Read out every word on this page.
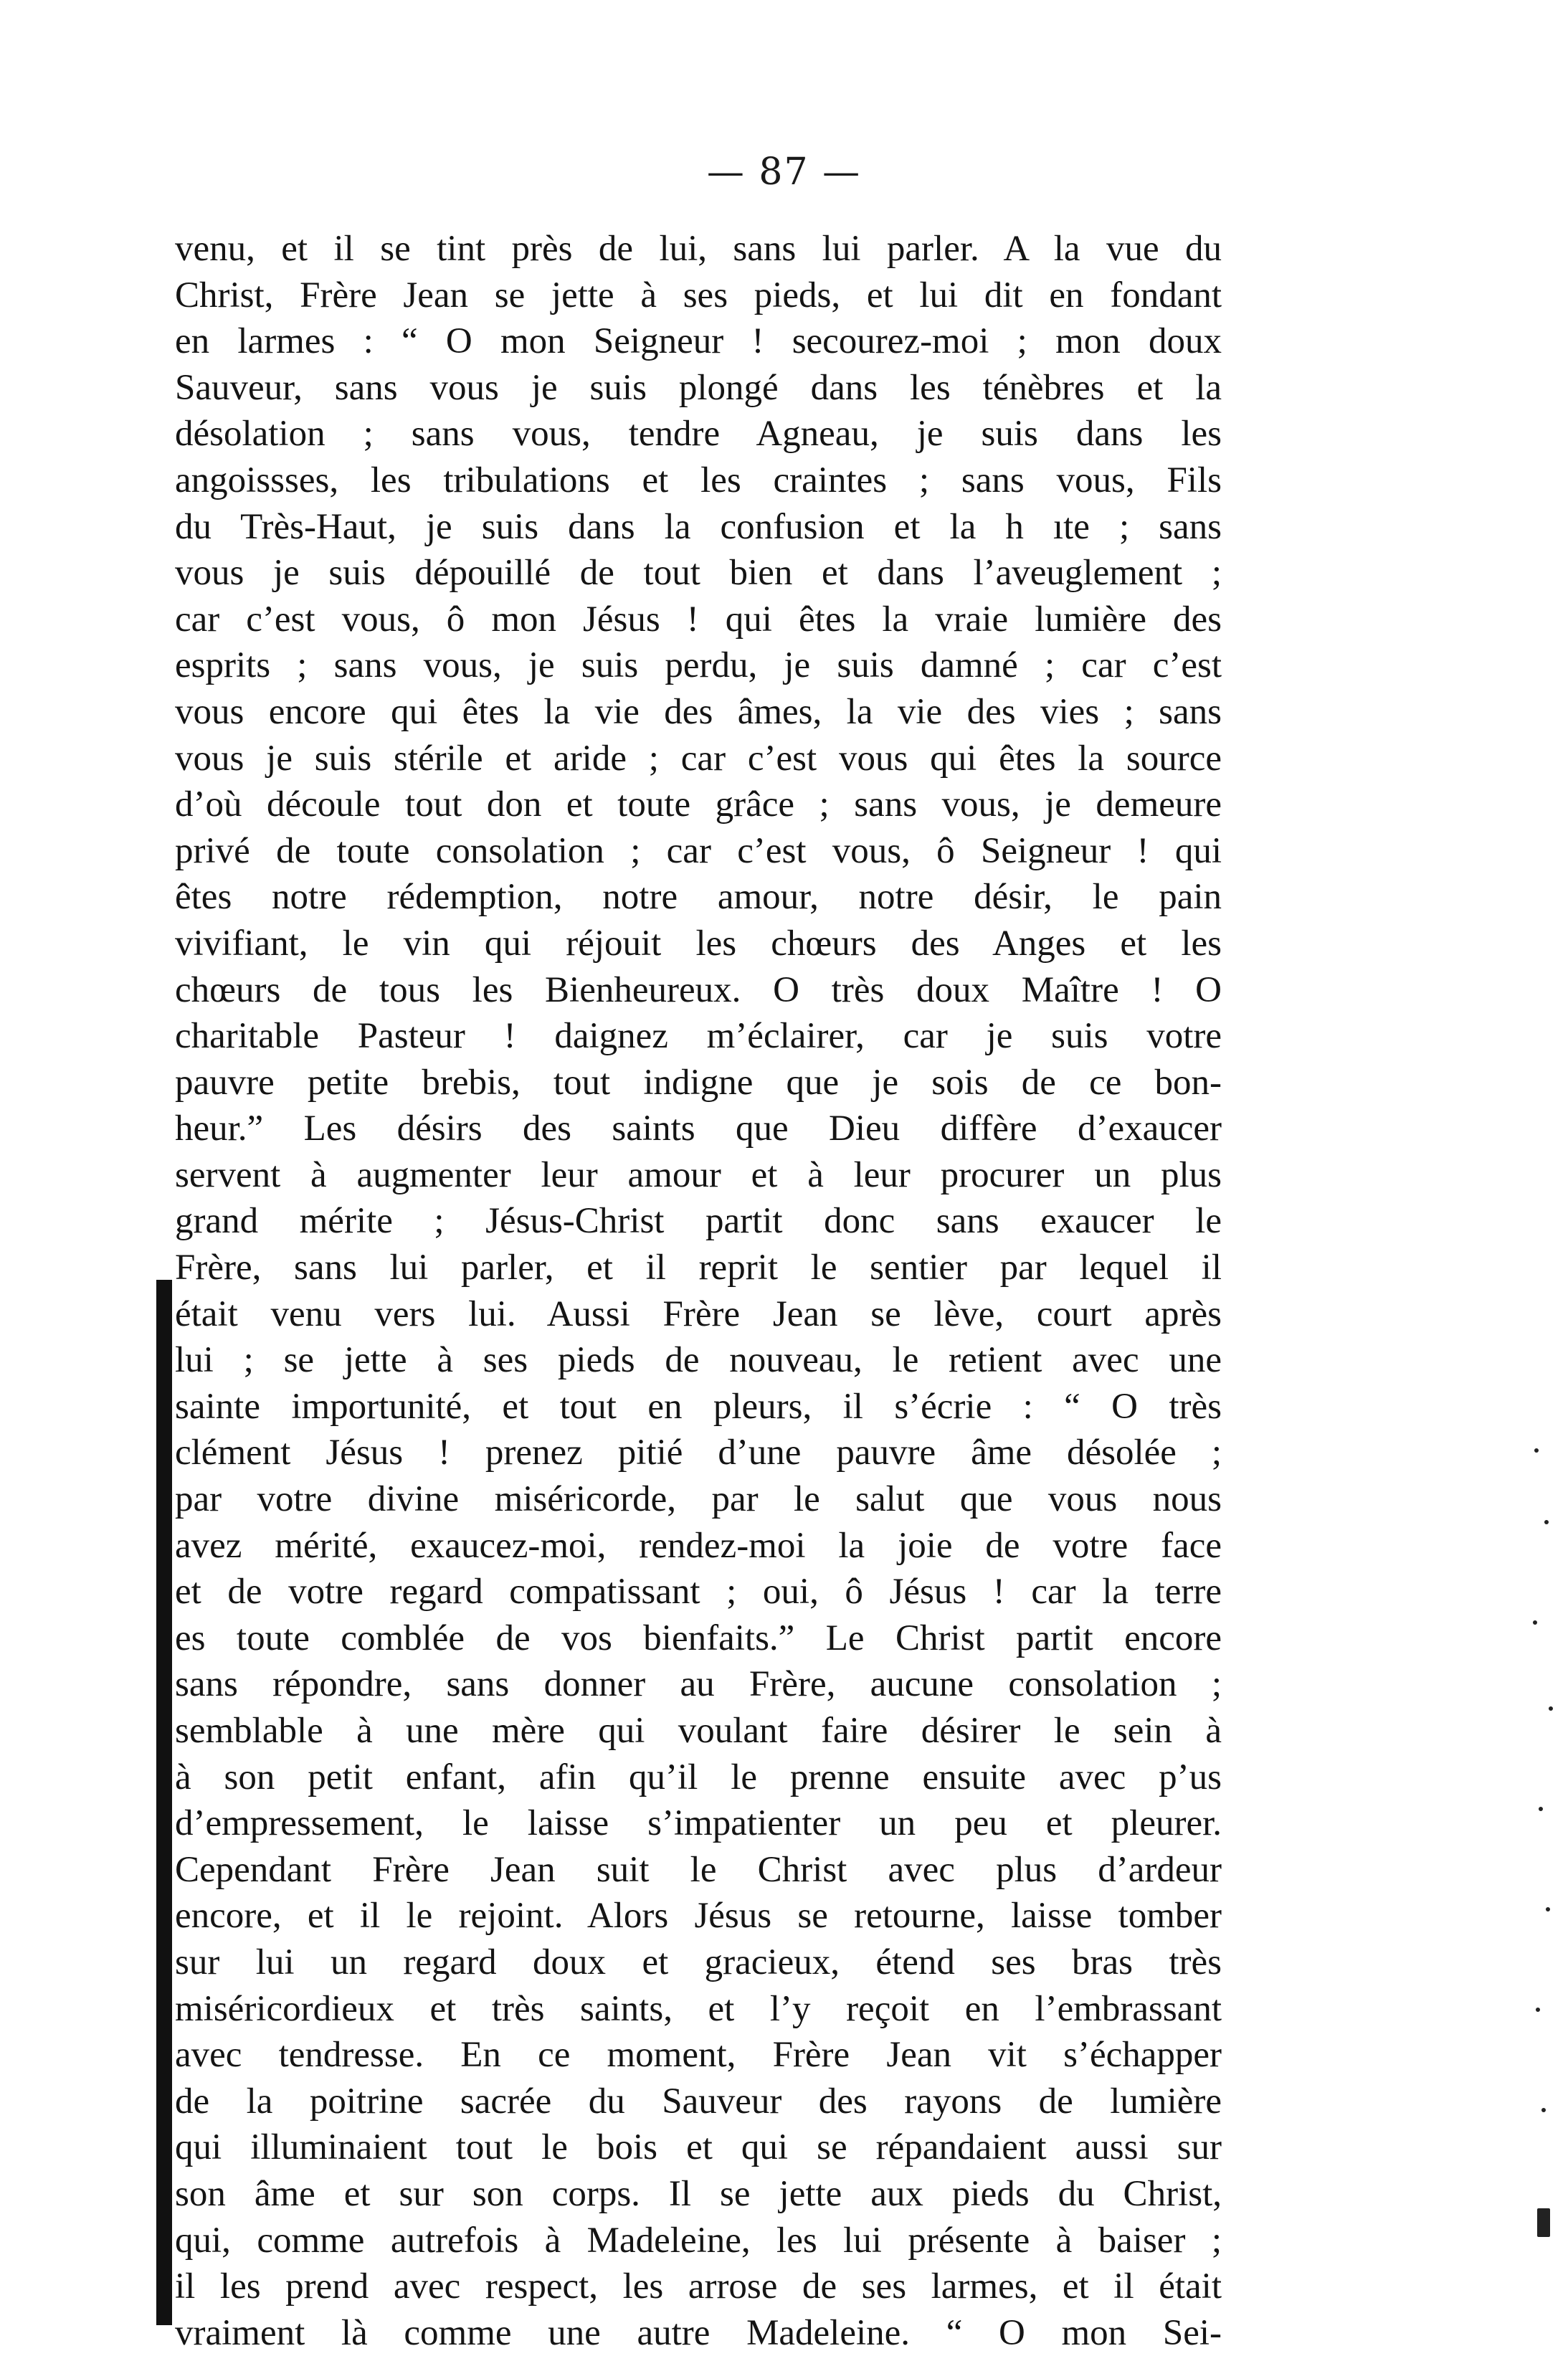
— 87 —
venu, et il se tint près de lui, sans lui parler. A la vue du
Christ, Frère Jean se jette à ses pieds, et lui dit en fondant
en larmes : “ O mon Seigneur ! secourez-moi ; mon doux
Sauveur, sans vous je suis plongé dans les ténèbres et la
désolation ; sans vous, tendre Agneau, je suis dans les
angoissses, les tribulations et les craintes ; sans vous, Fils
du Très-Haut, je suis dans la confusion et la h ıte ; sans
vous je suis dépouillé de tout bien et dans l’aveuglement ;
car c’est vous, ô mon Jésus ! qui êtes la vraie lumière des
esprits ; sans vous, je suis perdu, je suis damné ; car c’est
vous encore qui êtes la vie des âmes, la vie des vies ; sans
vous je suis stérile et aride ; car c’est vous qui êtes la source
d’où découle tout don et toute grâce ; sans vous, je demeure
privé de toute consolation ; car c’est vous, ô Seigneur ! qui
êtes notre rédemption, notre amour, notre désir, le pain
vivifiant, le vin qui réjouit les chœurs des Anges et les
chœurs de tous les Bienheureux. O très doux Maître ! O
charitable Pasteur ! daignez m’éclairer, car je suis votre
pauvre petite brebis, tout indigne que je sois de ce bon-
heur.” Les désirs des saints que Dieu diffère d’exaucer
servent à augmenter leur amour et à leur procurer un plus
grand mérite ; Jésus-Christ partit donc sans exaucer le
Frère, sans lui parler, et il reprit le sentier par lequel il
était venu vers lui. Aussi Frère Jean se lève, court après
lui ; se jette à ses pieds de nouveau, le retient avec une
sainte importunité, et tout en pleurs, il s’écrie : “ O très
clément Jésus ! prenez pitié d’une pauvre âme désolée ;
par votre divine miséricorde, par le salut que vous nous
avez mérité, exaucez-moi, rendez-moi la joie de votre face
et de votre regard compatissant ; oui, ô Jésus ! car la terre
es toute comblée de vos bienfaits.” Le Christ partit encore
sans répondre, sans donner au Frère, aucune consolation ;
semblable à une mère qui voulant faire désirer le sein à
à son petit enfant, afin qu’il le prenne ensuite avec p’us
d’empressement, le laisse s’impatienter un peu et pleurer.
Cependant Frère Jean suit le Christ avec plus d’ardeur
encore, et il le rejoint. Alors Jésus se retourne, laisse tomber
sur lui un regard doux et gracieux, étend ses bras très
miséricordieux et très saints, et l’y reçoit en l’embrassant
avec tendresse. En ce moment, Frère Jean vit s’échapper
de la poitrine sacrée du Sauveur des rayons de lumière
qui illuminaient tout le bois et qui se répandaient aussi sur
son âme et sur son corps. Il se jette aux pieds du Christ,
qui, comme autrefois à Madeleine, les lui présente à baiser ;
il les prend avec respect, les arrose de ses larmes, et il était
vraiment là comme une autre Madeleine. “ O mon Sei-
